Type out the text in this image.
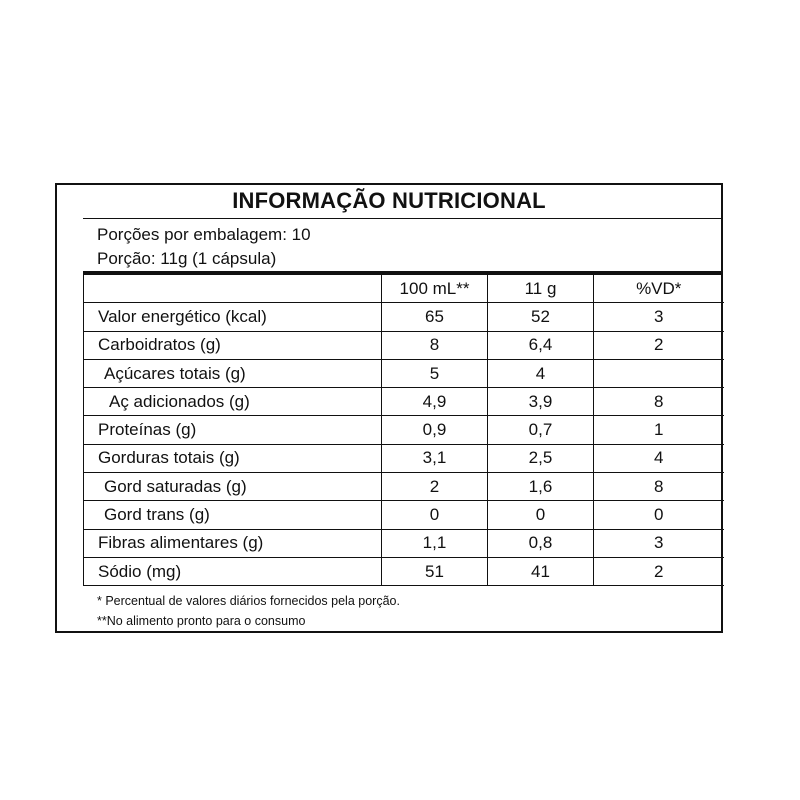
INFORMAÇÃO NUTRICIONAL
Porções por embalagem: 10
Porção: 11g (1 cápsula)
	100 mL**	11 g	%VD*
Valor energético (kcal)	65	52	3
Carboidratos (g)	8	6,4	2
Açúcares totais (g)	5	4	
Aç adicionados (g)	4,9	3,9	8
Proteínas (g)	0,9	0,7	1
Gorduras totais (g)	3,1	2,5	4
Gord saturadas (g)	2	1,6	8
Gord trans (g)	0	0	0
Fibras alimentares (g)	1,1	0,8	3
Sódio (mg)	51	41	2
* Percentual de valores diários fornecidos pela porção.
**No alimento pronto para o consumo
